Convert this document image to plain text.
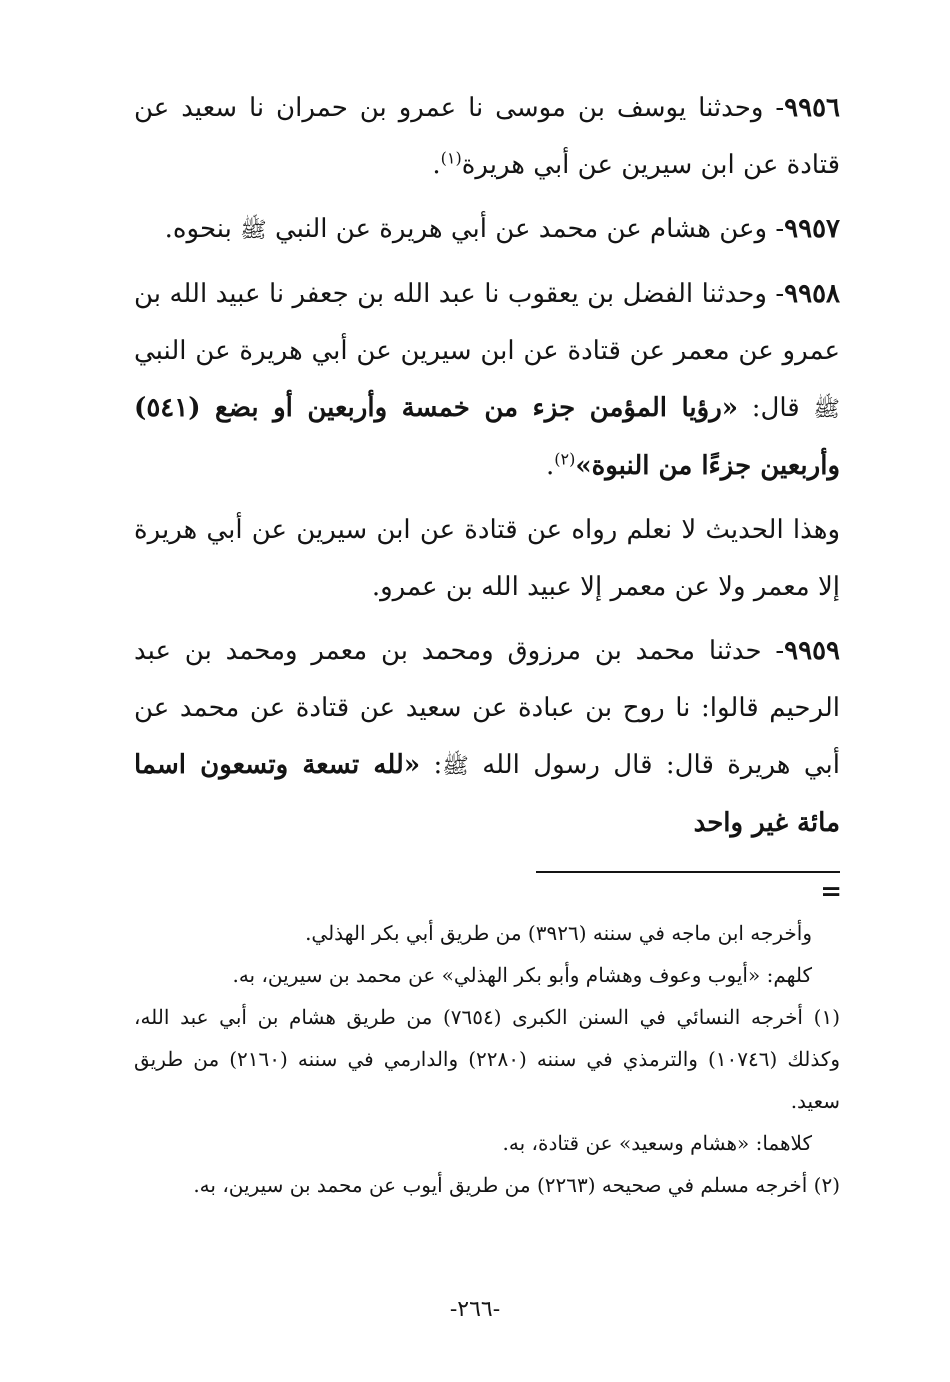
٩٩٥٦- وحدثنا يوسف بن موسى نا عمرو بن حمران نا سعيد عن قتادة عن ابن سيرين عن أبي هريرة$^{(١)}$.

٩٩٥٧- وعن هشام عن محمد عن أبي هريرة عن النبي ﷺ بنحوه.

٩٩٥٨- وحدثنا الفضل بن يعقوب نا عبد الله بن جعفر نا عبيد الله بن عمرو عن معمر عن قتادة عن ابن سيرين عن أبي هريرة عن النبي ﷺ قال: «رؤيا المؤمن جزء من خمسة وأربعين أو بضع (٥٤١) وأربعين جزءًا من النبوة»$^{(٢)}$.

وهذا الحديث لا نعلم رواه عن قتادة عن ابن سيرين عن أبي هريرة إلا معمر ولا عن معمر إلا عبيد الله بن عمرو.

٩٩٥٩- حدثنا محمد بن مرزوق ومحمد بن معمر ومحمد بن عبد الرحيم قالوا: نا روح بن عبادة عن سعيد عن قتادة عن محمد عن أبي هريرة قال: قال رسول الله ﷺ: «لله تسعة وتسعون اسما مائة غير واحد

=

وأخرجه ابن ماجه في سننه (٣٩٢٦) من طريق أبي بكر الهذلي.

كلهم: «أيوب وعوف وهشام وأبو بكر الهذلي» عن محمد بن سيرين، به.

(١) أخرجه النسائي في السنن الكبرى (٧٦٥٤) من طريق هشام بن أبي عبد الله، وكذلك (١٠٧٤٦) والترمذي في سننه (٢٢٨٠) والدارمي في سننه (٢١٦٠) من طريق سعيد.

كلاهما: «هشام وسعيد» عن قتادة، به.

(٢) أخرجه مسلم في صحيحه (٢٢٦٣) من طريق أيوب عن محمد بن سيرين، به.

-٢٦٦-
